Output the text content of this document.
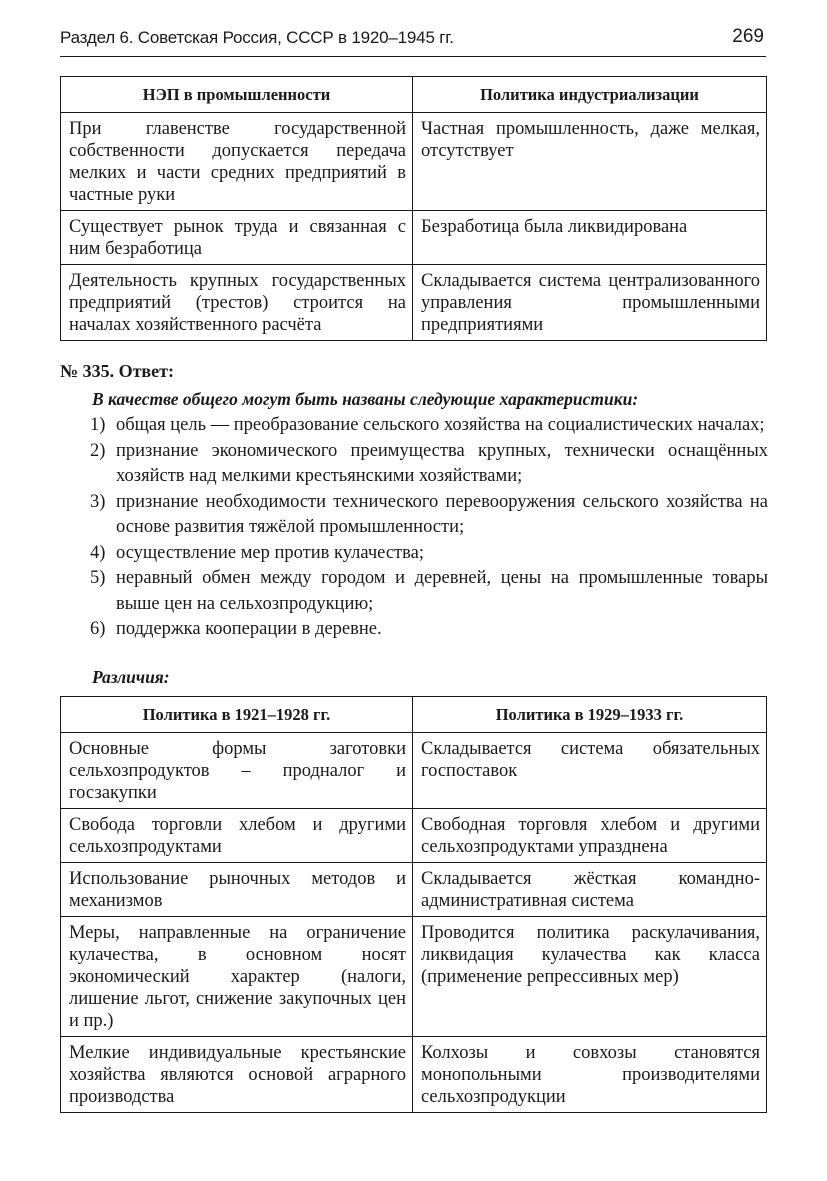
Раздел 6. Советская Россия, СССР в 1920–1945 гг.	269
НЭП в промышленности	Политика индустриализации
При главенстве государственной собственности допускается передача мелких и части средних предприятий в частные руки	Частная промышленность, даже мелкая, отсутствует
Существует рынок труда и связанная с ним безработица	Безработица была ликвидирована
Деятельность крупных государственных предприятий (трестов) строится на началах хозяйственного расчёта	Складывается система централизованного управления промышленными предприятиями
№ 335. Ответ:
В качестве общего могут быть названы следующие характеристики:
1) общая цель — преобразование сельского хозяйства на социалистических началах;
2) признание экономического преимущества крупных, технически оснащённых хозяйств над мелкими крестьянскими хозяйствами;
3) признание необходимости технического перевооружения сельского хозяйства на основе развития тяжёлой промышленности;
4) осуществление мер против кулачества;
5) неравный обмен между городом и деревней, цены на промышленные товары выше цен на сельхозпродукцию;
6) поддержка кооперации в деревне.
Различия:
Политика в 1921–1928 гг.	Политика в 1929–1933 гг.
Основные формы заготовки сельхозпродуктов – продналог и госзакупки	Складывается система обязательных госпоставок
Свобода торговли хлебом и другими сельхозпродуктами	Свободная торговля хлебом и другими сельхозпродуктами упразднена
Использование рыночных методов и механизмов	Складывается жёсткая командно-административная система
Меры, направленные на ограничение кулачества, в основном носят экономический характер (налоги, лишение льгот, снижение закупочных цен и пр.)	Проводится политика раскулачивания, ликвидация кулачества как класса (применение репрессивных мер)
Мелкие индивидуальные крестьянские хозяйства являются основой аграрного производства	Колхозы и совхозы становятся монопольными производителями сельхозпродукции
